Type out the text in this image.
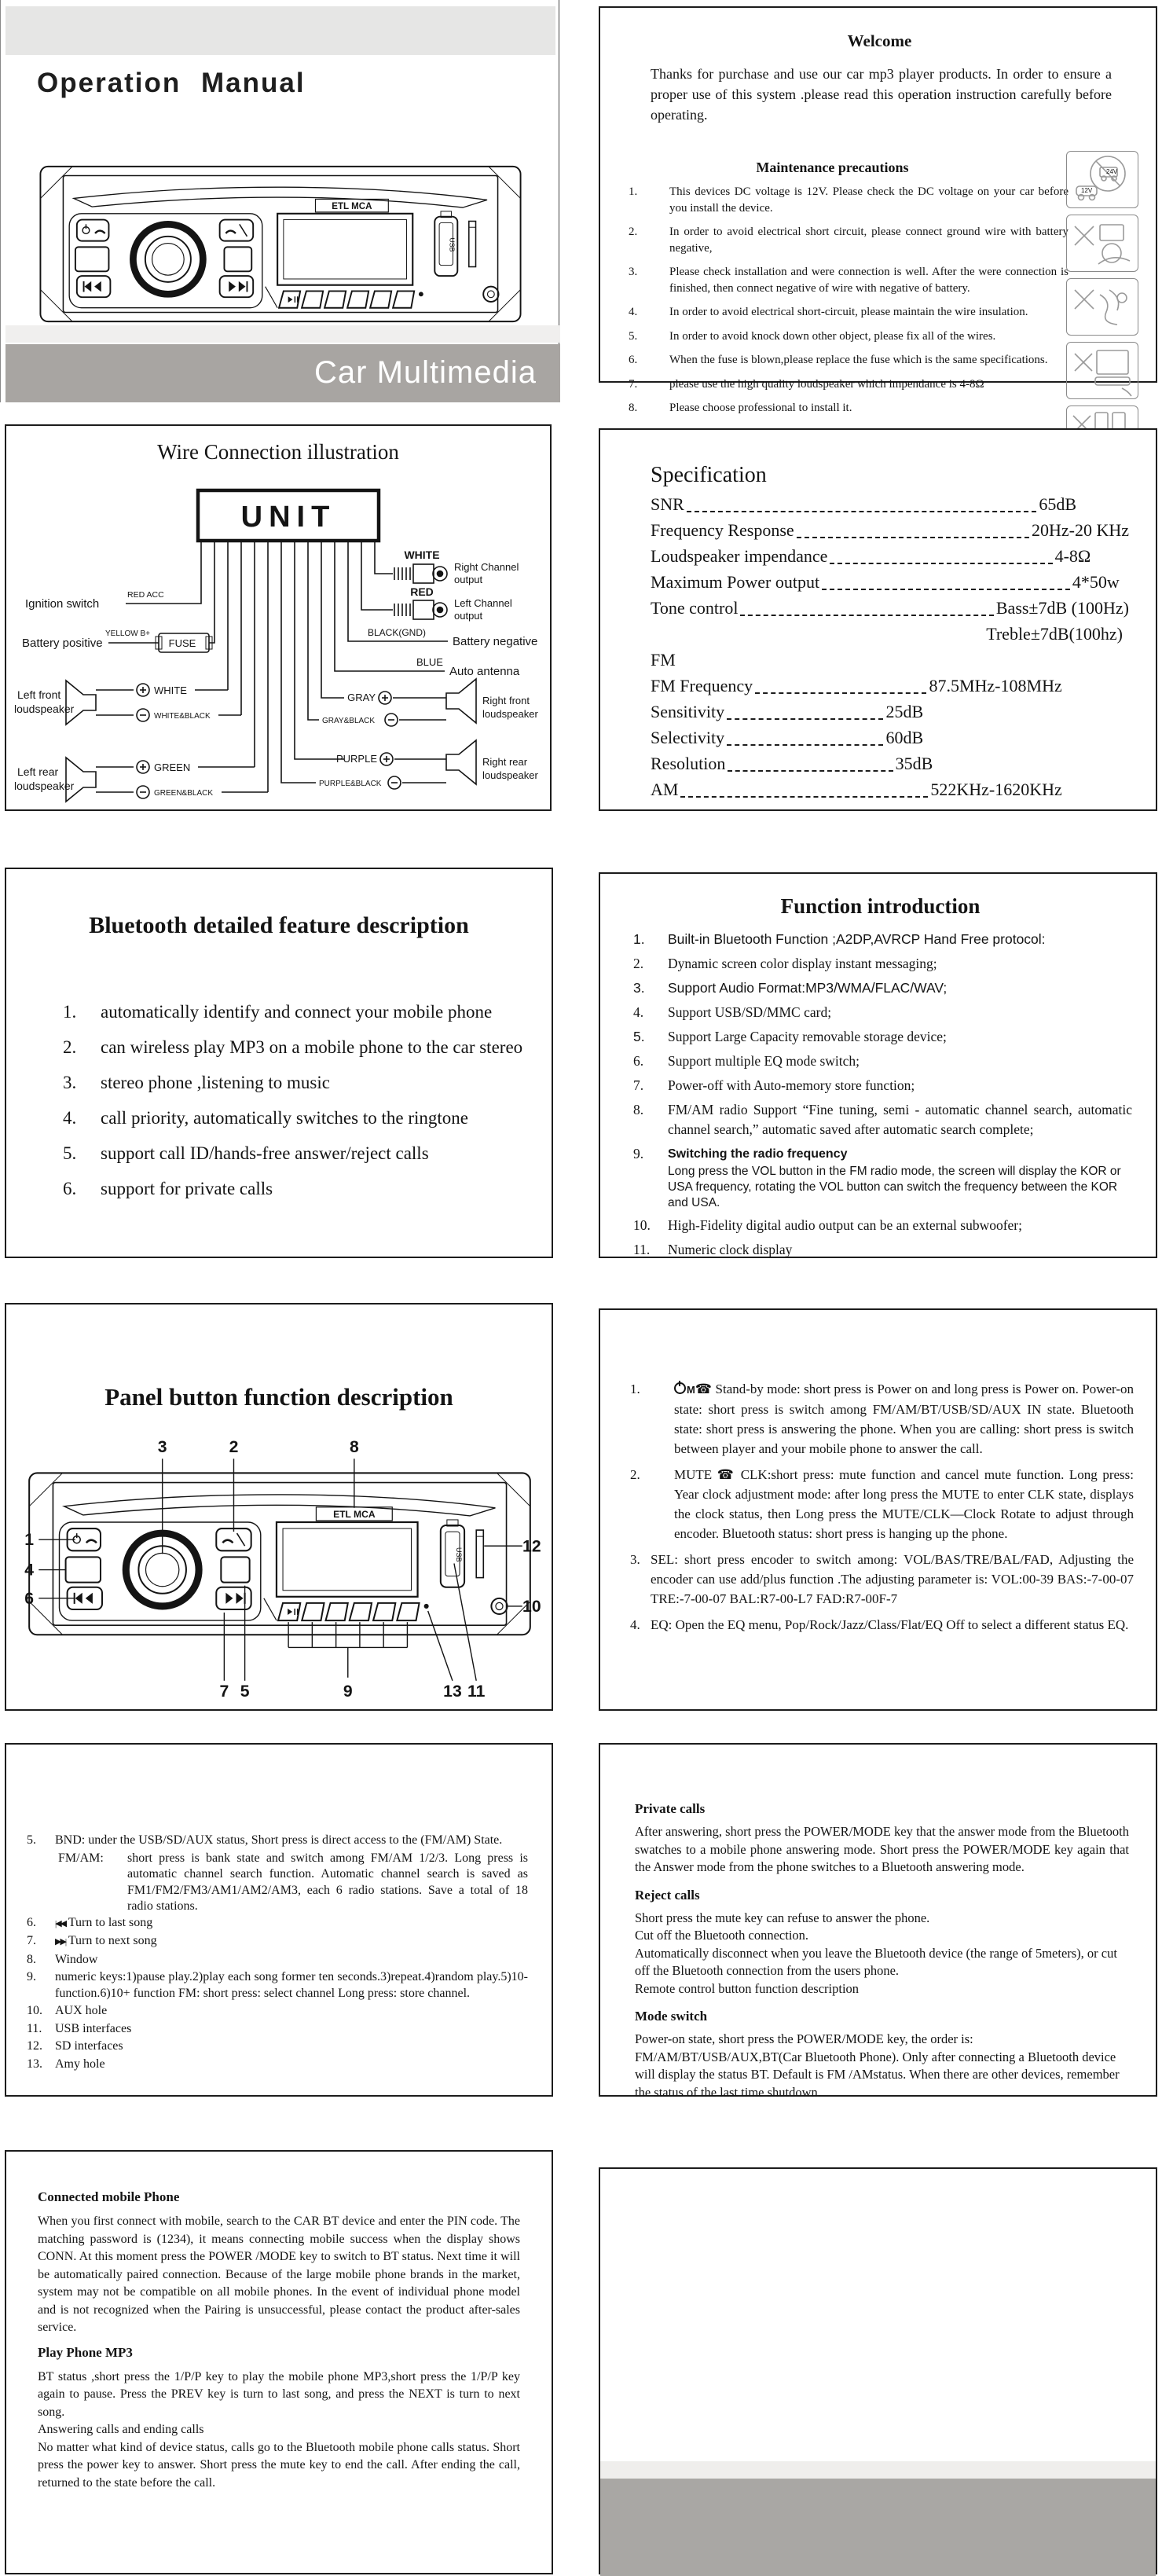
Operation Manual
ETL MCA
USB
Car Multimedia
Welcome

Thanks for purchase and use our car mp3 player products. In order to ensure a proper use of this system .please read this operation instruction carefully before operating.

Maintenance precautions
1.	This devices DC voltage is 12V. Please check the DC voltage on your car before you install the device.
2.	In order to avoid electrical short circuit, please connect ground wire with battery negative,
3.	Please check installation and were connection is well. After the were connection is finished, then connect negative of wire with negative of battery.
4.	In order to avoid electrical short-circuit, please maintain the wire insulation.
5.	In order to avoid knock down other object, please fix all of the wires.
6.	When the fuse is blown,please replace the fuse which is the same specifications.
7.	please use the high quality loudspeaker which impendance is 4-8Ω
8.	Please choose professional to install it.

24V
12V

Wire Connection illustration
UNIT
FUSE
Ignition switch
RED ACC
Battery positive
YELLOW B+
Left front
loudspeaker
WHITE
WHITE&BLACK
Left rear
loudspeaker
GREEN
GREEN&BLACK
WHITE
Right Channel
output
RED
Left Channel
output
BLACK(GND)
Battery negative
BLUE
Auto antenna
GRAY
GRAY&BLACK
Right front
loudspeaker
PURPLE
PURPLE&BLACK
Right rear
loudspeaker
Specification
SNR	65dB
Frequency Response	20Hz-20 KHz
Loudspeaker impendance	4-8Ω
Maximum Power output	4*50w
Tone control	Bass±7dB (100Hz)
Treble±7dB(100hz)
FM
FM Frequency	87.5MHz-108MHz
Sensitivity	25dB
Selectivity	60dB
Resolution	35dB
AM	522KHz-1620KHz
Bluetooth detailed feature description
1.	automatically identify and connect your mobile phone
2.	can wireless play MP3 on a mobile phone to the car stereo
3.	stereo phone ,listening to music
4.	call priority, automatically switches to the ringtone
5.	support call ID/hands-free answer/reject calls
6.	support for private calls
Function introduction
1.	Built-in Bluetooth Function ;A2DP,AVRCP Hand Free protocol:
2.	Dynamic screen color display instant messaging;
3.	Support Audio Format:MP3/WMA/FLAC/WAV;
4.	Support USB/SD/MMC card;
5.	Support Large Capacity removable storage device;
6.	Support multiple EQ mode switch;
7.	Power-off with Auto-memory store function;
8.	FM/AM radio Support “Fine tuning, semi - automatic channel search, automatic channel search,” automatic saved after automatic search complete;
9.	Switching the radio frequency
Long press the VOL button in the FM radio mode, the screen will display the KOR or USA frequency, rotating the VOL button can switch the frequency between the KOR and USA.
10.	High-Fidelity digital audio output can be an external subwoofer;
11.	Numeric clock display
Panel button function description
ETL MCA
USB
3	2	8
1
4
6
12
10
7 5	9	13 11
1.	M☎ Stand-by mode: short press is Power on and long press is Power on. Power-on state: short press is switch among FM/AM/BT/USB/SD/AUX IN state. Bluetooth state: short press is answering the phone. When you are calling: short press is switch between player and your mobile phone to answer the call.
2.	MUTE ☎ CLK:short press: mute function and cancel mute function. Long press: Year clock adjustment mode: after long press the MUTE to enter CLK state, displays the clock status, then Long press the MUTE/CLK—Clock Rotate to adjust through encoder. Bluetooth status: short press is hanging up the phone.
3. SEL: short press encoder to switch among: VOL/BAS/TRE/BAL/FAD, Adjusting the encoder can use add/plus function .The adjusting parameter is: VOL:00-39 BAS:-7-00-07 TRE:-7-00-07 BAL:R7-00-L7 FAD:R7-00F-7
4. EQ: Open the EQ menu, Pop/Rock/Jazz/Class/Flat/EQ Off to select a different status EQ.
5.	BND: under the USB/SD/AUX status, Short press is direct access to the (FM/AM) State.
FM/AM:	short press is bank state and switch among FM/AM 1/2/3. Long press is automatic channel search function. Automatic channel search is saved as FM1/FM2/FM3/AM1/AM2/AM3, each 6 radio stations. Save a total of 18 radio stations.
6.	|◀◀ Turn to last song
7.	▶▶| Turn to next song
8.	Window
9.	numeric keys:1)pause play.2)play each song former ten seconds.3)repeat.4)random play.5)10- function.6)10+ function FM: short press: select channel Long press: store channel.
10.	AUX hole
11.	USB interfaces
12.	SD interfaces
13.	Amy hole
Private calls

After answering, short press the POWER/MODE key that the answer mode from the Bluetooth swatches to a mobile phone answering mode. Short press the POWER/MODE key again that the Answer mode from the phone switches to a Bluetooth answering mode.

Reject calls

Short press the mute key can refuse to answer the phone.

Cut off the Bluetooth connection.

Automatically disconnect when you leave the Bluetooth device (the range of 5meters), or cut off the Bluetooth connection from the users phone.

Remote control button function description

Mode switch

Power-on state, short press the POWER/MODE key, the order is: FM/AM/BT/USB/AUX,BT(Car Bluetooth Phone). Only after connecting a Bluetooth device will display the status BT. Default is FM /AMstatus. When there are other devices, remember the status of the last time shutdown.

Connected mobile Phone

When you first connect with mobile, search to the CAR BT device and enter the PIN code. The matching password is (1234), it means connecting mobile success when the display shows CONN. At this moment press the POWER /MODE key to switch to BT status. Next time it will be automatically paired connection. Because of the large mobile phone brands in the market, system may not be compatible on all mobile phones. In the event of individual phone model and is not recognized when the Pairing is unsuccessful, please contact the product after-sales service.

Play Phone MP3

BT status ,short press the 1/P/P key to play the mobile phone MP3,short press the 1/P/P key again to pause. Press the PREV key is turn to last song, and press the NEXT is turn to next song.

Answering calls and ending calls

No matter what kind of device status, calls go to the Bluetooth mobile phone calls status. Short press the power key to answer. Short press the mute key to end the call. After ending the call, returned to the state before the call.
